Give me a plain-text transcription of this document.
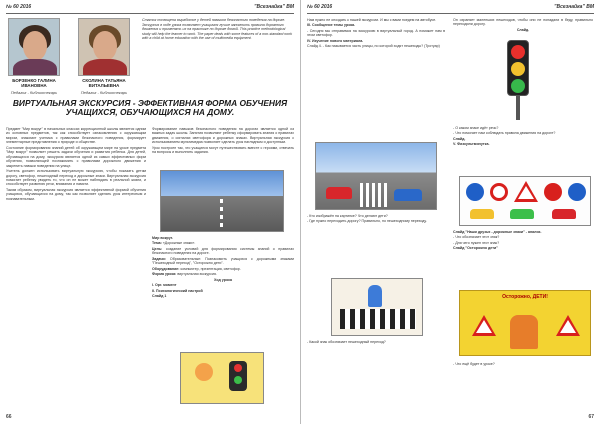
№ 60 2016	"Всезнайка" ВМ
БОРЗЕНКО ГАЛИНА ИВАНОВНА
Педагог - библиотекарь
СКОЛИНА ТАТЬЯНА ВИТАЛЬЕВНА
Педагог - библиотекарь
Статья посвящена выработке у детей навыков безопасного поведения на дороге. Экскурсия в ходе урока позволяет учащимся лучше запомнить правила дорожного движения и применять их на практике по дороге домой. This practice methodological study will help the learner to work. The paper deals with some features of a non-standard work with a child at home education with the use of multimedia equipment.
ВИРТУАЛЬНАЯ ЭКСКУРСИЯ - ЭФФЕКТИВНАЯ ФОРМА ОБУЧЕНИЯ УЧАЩИХСЯ, ОБУЧАЮЩИХСЯ НА ДОМУ.

Предмет "Мир вокруг" в начальных классах коррекционной школы является одним из основных предметов, так как способствует ознакомлению с окружающим миром, знакомит ученика с правилами безопасного поведения, формирует элементарные представления о природе и обществе.

Состояние формирования знаний детей об окружающем мире на уроке предмета "Мир вокруг" позволяет решить задачи обучения и развития ребенка. Для детей, обучающихся на дому, экскурсия является одной из самых эффективных форм обучения, позволяющей познакомить с правилами дорожного движения и закрепить навыки поведения на улице.

Учитель должен использовать виртуальную экскурсию, чтобы показать детям дорогу, светофор, пешеходный переход и дорожные знаки. Виртуальная экскурсия помогает ребенку увидеть то, что он не может наблюдать в реальной жизни, и способствует развитию речи, внимания и памяти.

Таким образом, виртуальная экскурсия является эффективной формой обучения учащихся, обучающихся на дому, так как позволяет сделать урок интересным и познавательным.

Формирование навыков безопасного поведения на дорогах является одной из важных задач школы. Занятия позволяют ребенку сформировать знания о правилах движения, о сигналах светофора и дорожных знаках. Виртуальная экскурсия с использованием мультимедиа позволяет сделать урок наглядным и доступным.

Урок построен так, что учащиеся могут путешествовать вместе с героями, отвечать на вопросы и выполнять задания.

Мир вокруг.

Тема: «Дорожные знаки».

Цель: создание условий для формирования системы знаний о правилах безопасного поведения на дороге.

Задачи: Образовательные: Познакомить учащихся с дорожными знаками "Пешеходный переход", "Осторожно дети".

Оборудование: компьютер, презентация, светофор.

Форма урока: виртуальная экскурсия.

Ход урока

I. Орг. момент

II. Психологический настрой

Слайд 1

66
№ 60 2016	"Всезнайка" ВМ

Нам нужно не опоздать к нашей экскурсии. И мы с вами поедем на автобусе.

III. Сообщение темы урока.

- Сегодня мы отправимся на экскурсию в виртуальный город. А поможет нам в этом светофор.

IV. Изучение нового материала.

Слайд 4. - Как называется часть улицы, по которой ходят пешеходы? (Тротуар)

- Кто изображён на картинке? Что делают дети?

- Где нужно переходить дорогу? Правильно, по пешеходному переходу.

- Какой знак обозначает пешеходный переход?

Он охраняет маленьких пешеходов, чтобы они не попадали в беду, правильно переходили дорогу.

Слайд.

- О каком знаке идёт речь?

- Что помогает нам соблюдать правила движения на дороге?

Слайд.

V. Физкультминутка.

Слайд "Наши друзья - дорожные знаки" - анализ.

- Что обозначает этот знак?

- Для чего нужен этот знак?

Слайд "Осторожно дети"

Осторожно, ДЕТИ!

- Что ещё будет в уроке?

67
